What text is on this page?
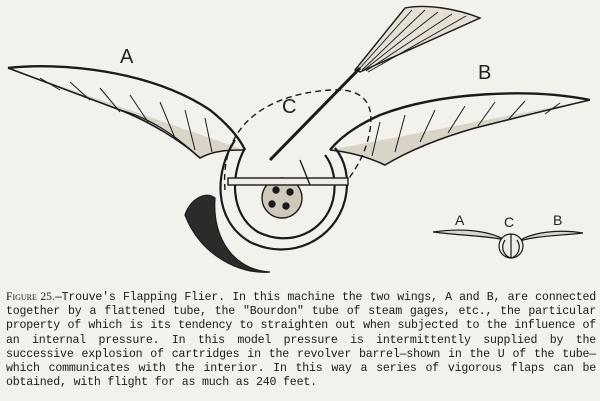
A
B
C
A	C	B
Figure 25.—Trouve's Flapping Flier. In this machine the two wings, A and B, are connected together by a flattened tube, the "Bourdon" tube of steam gages, etc., the particular property of which is its tendency to straighten out when subjected to the influence of an internal pressure. In this model pressure is intermittently supplied by the successive explosion of cartridges in the revolver barrel—shown in the U of the tube—which communicates with the interior. In this way a series of vigorous flaps can be obtained, with flight for as much as 240 feet.
